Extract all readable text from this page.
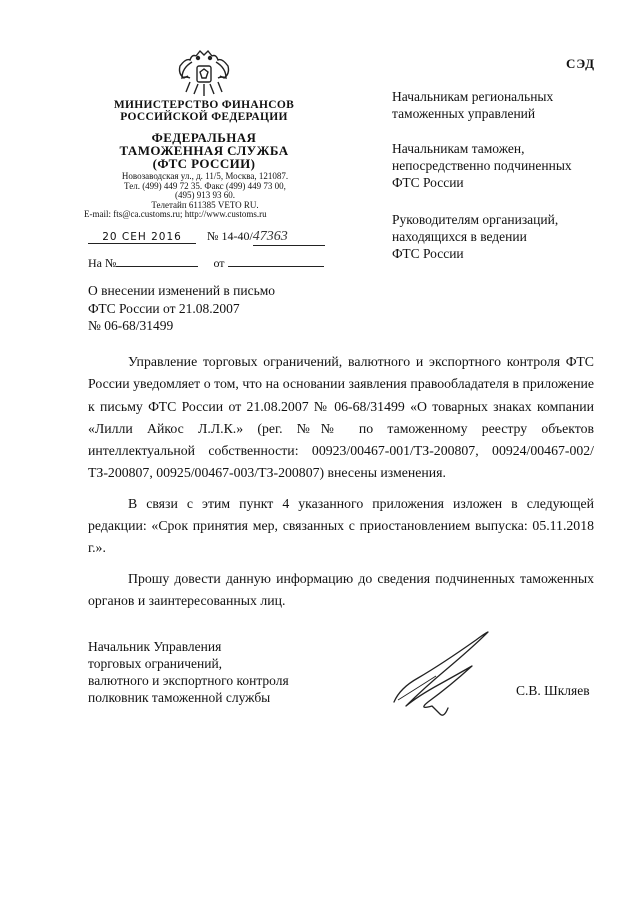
СЭД
МИНИСТЕРСТВО ФИНАНСОВ
РОССИЙСКОЙ ФЕДЕРАЦИИ
ФЕДЕРАЛЬНАЯ
ТАМОЖЕННАЯ СЛУЖБА
(ФТС РОССИИ)
Новозаводская ул., д. 11/5, Москва, 121087.
Тел. (499) 449 72 35. Факс (499) 449 73 00,
(495) 913 93 60.
Телетайп 611385 VETO RU.
E-mail: fts@ca.customs.ru; http://www.customs.ru
20 СЕН 2016 № 14-40/47363
На №	от
Начальникам региональных
таможенных управлений
Начальникам таможен,
непосредственно подчиненных
ФТС России
Руководителям организаций,
находящихся в ведении
ФТС России
О внесении изменений в письмо
ФТС России от 21.08.2007
№ 06-68/31499

Управление торговых ограничений, валютного и экспортного контроля ФТС России уведомляет о том, что на основании заявления правообладателя в приложение к письму ФТС России от 21.08.2007 № 06-68/31499 «О товарных знаках компании «Лилли Айкос Л.Л.К.» (рег. №№ по таможенному реестру объектов интеллектуальной собственности: 00923/00467-001/ТЗ-200807, 00924/00467-002/ТЗ-200807, 00925/00467-003/ТЗ-200807) внесены изменения.

В связи с этим пункт 4 указанного приложения изложен в следующей редакции: «Срок принятия мер, связанных с приостановлением выпуска: 05.11.2018 г.».

Прошу довести данную информацию до сведения подчиненных таможенных органов и заинтересованных лиц.

Начальник Управления
торговых ограничений,
валютного и экспортного контроля
полковник таможенной службы	С.В. Шкляев
